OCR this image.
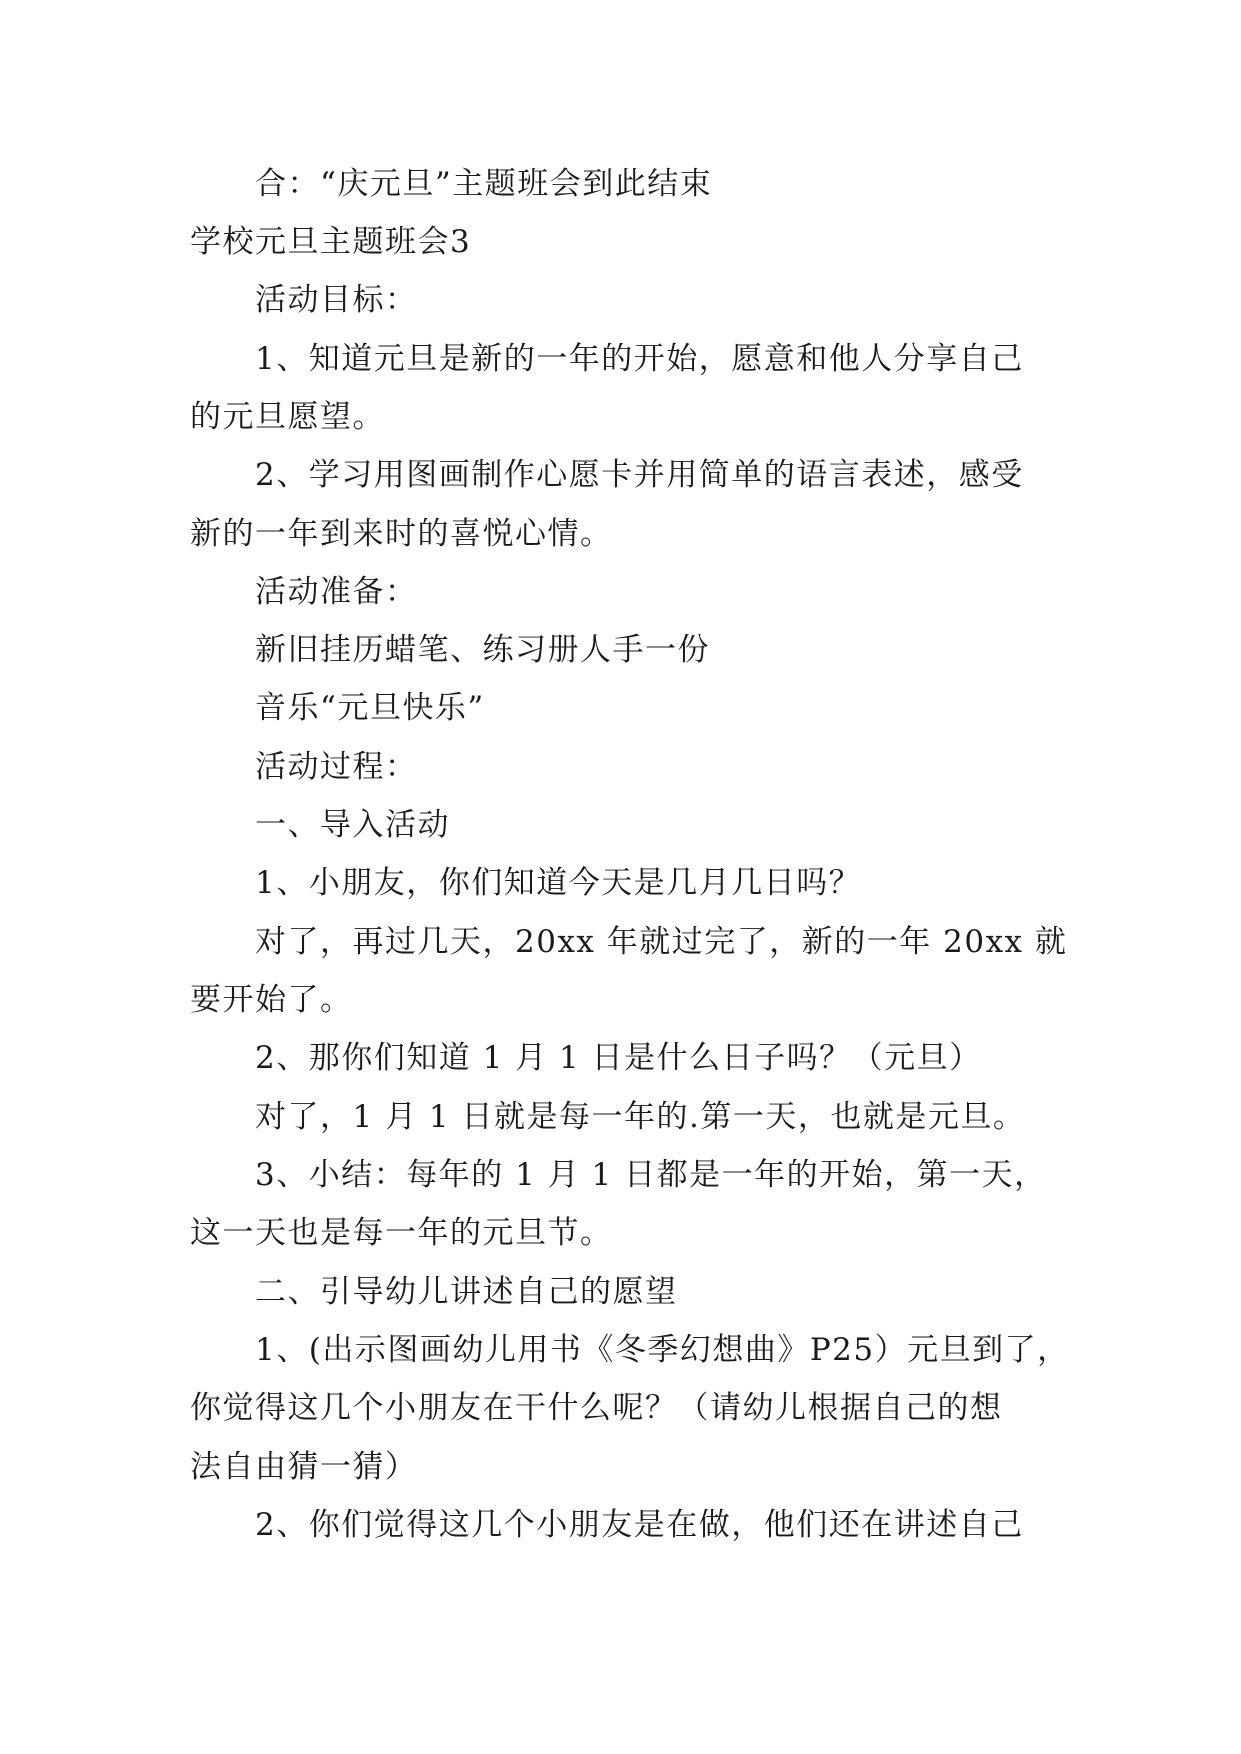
合：“庆元旦”主题班会到此结束
学校元旦主题班会3
活动目标：
1、知道元旦是新的一年的开始，愿意和他人分享自己
的元旦愿望。
2、学习用图画制作心愿卡并用简单的语言表述，感受
新的一年到来时的喜悦心情。
活动准备：
新旧挂历蜡笔、练习册人手一份
音乐“元旦快乐”
活动过程：
一、导入活动
1、小朋友，你们知道今天是几月几日吗？
对了，再过几天，20xx 年就过完了，新的一年 20xx 就
要开始了。
2、那你们知道 1 月 1 日是什么日子吗？（元旦）
对了，1 月 1 日就是每一年的.第一天，也就是元旦。
3、小结：每年的 1 月 1 日都是一年的开始，第一天，
这一天也是每一年的元旦节。
二、引导幼儿讲述自己的愿望
1、(出示图画幼儿用书《冬季幻想曲》P25）元旦到了，
你觉得这几个小朋友在干什么呢？（请幼儿根据自己的想
法自由猜一猜）
2、你们觉得这几个小朋友是在做，他们还在讲述自己
